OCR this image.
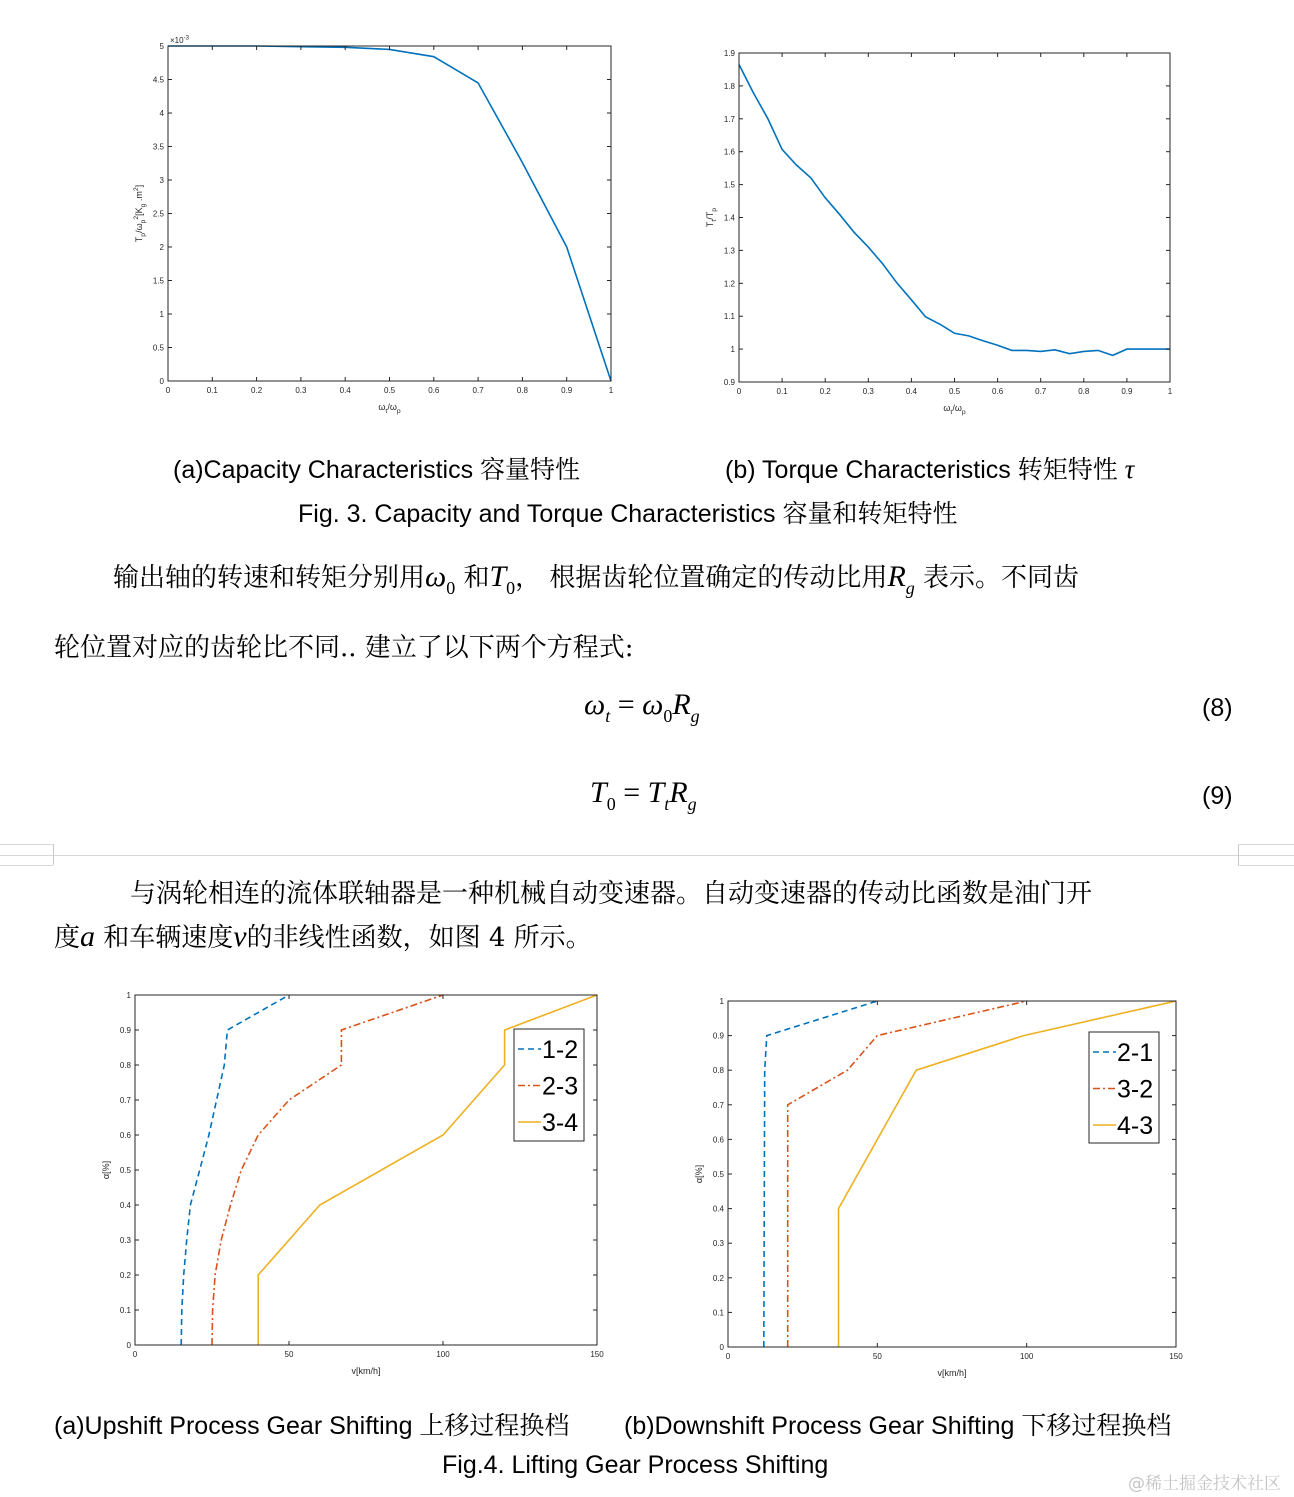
0	0.1	0.2	0.3	0.4	0.5	0.6	0.7	0.8	0.9	1
0
0.5
1
1.5
2
2.5
3
3.5
4
4.5
5
$\omega_t/\omega_p$
$T_p/\omega_p^2[K_g$ $.m^2$]
$\times 10^{-3}$
0	0.1	0.2	0.3	0.4	0.5	0.6	0.7	0.8	0.9	1
0.9
1
1.1
1.2
1.3
1.4
1.5
1.6
1.7
1.8
1.9
$\omega_t/\omega_p$
$T_t/T_p$
0	50	100	150
0
0.1
0.2
0.3
0.4
0.5
0.6
0.7
0.8
0.9
1
v[km/h]
α[%]
1-2
2-3
3-4
0	50	100	150
0
0.1
0.2
0.3
0.4
0.5
0.6
0.7
0.8
0.9
1
v[km/h]
α[%]
2-1
3-2
4-3
(a)Capacity Characteristics 容量特性	(b) Torque Characteristics 转矩特性 τ
Fig. 3. Capacity and Torque Characteristics 容量和转矩特性
输出轴的转速和转矩分别用$\omega_0$ 和$T_0$， 根据齿轮位置确定的传动比用$R_g$ 表示。不同齿
轮位置对应的齿轮比不同.. 建立了以下两个方程式:
ωt = ω0Rg	(8)
T0 = TtRg	(9)
与涡轮相连的流体联轴器是一种机械自动变速器。自动变速器的传动比函数是油门开
度a 和车辆速度v的非线性函数，如图 4 所示。
(a)Upshift Process Gear Shifting 上移过程换档 (b)Downshift Process Gear Shifting 下移过程换档
Fig.4. Lifting Gear Process Shifting
@稀土掘金技术社区
